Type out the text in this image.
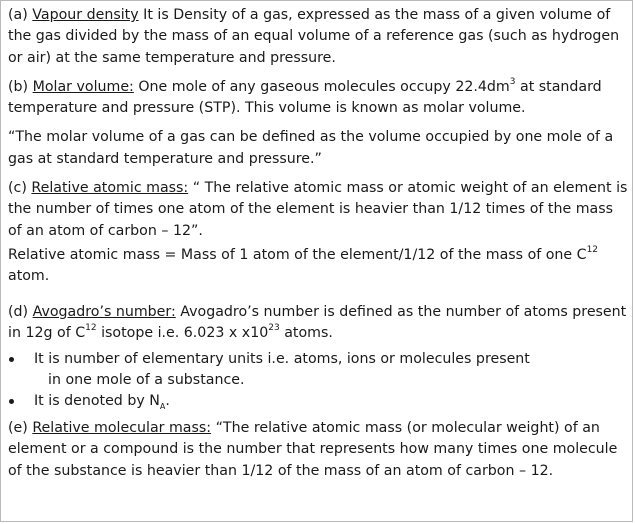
(a) Vapour density It is Density of a gas, expressed as the mass of a given volume of the gas divided by the mass of an equal volume of a reference gas (such as hydrogen or air) at the same temperature and pressure.

(b) Molar volume: One mole of any gaseous molecules occupy $22.4dm^3$ at standard temperature and pressure (STP). This volume is known as molar volume.

“The molar volume of a gas can be defined as the volume occupied by one mole of a gas at standard temperature and pressure.”

(c) Relative atomic mass: “ The relative atomic mass or atomic weight of an element is the number of times one atom of the element is heavier than 1/12 times of the mass of an atom of carbon – 12”.

Relative atomic mass = Mass of 1 atom of the element/1/12 of the mass of one $C^{12}$ atom.

(d) Avogadro’s number: Avogadro’s number is defined as the number of atoms present in 12g of $C^{12}$ isotope i.e. 6.023 x $x10^{23}$ atoms.

It is number of elementary units i.e. atoms, ions or molecules present
in one mole of a substance.
It is denoted by $N_A$.

(e) Relative molecular mass: “The relative atomic mass (or molecular weight) of an element or a compound is the number that represents how many times one molecule of the substance is heavier than 1/12 of the mass of an atom of carbon – 12.
